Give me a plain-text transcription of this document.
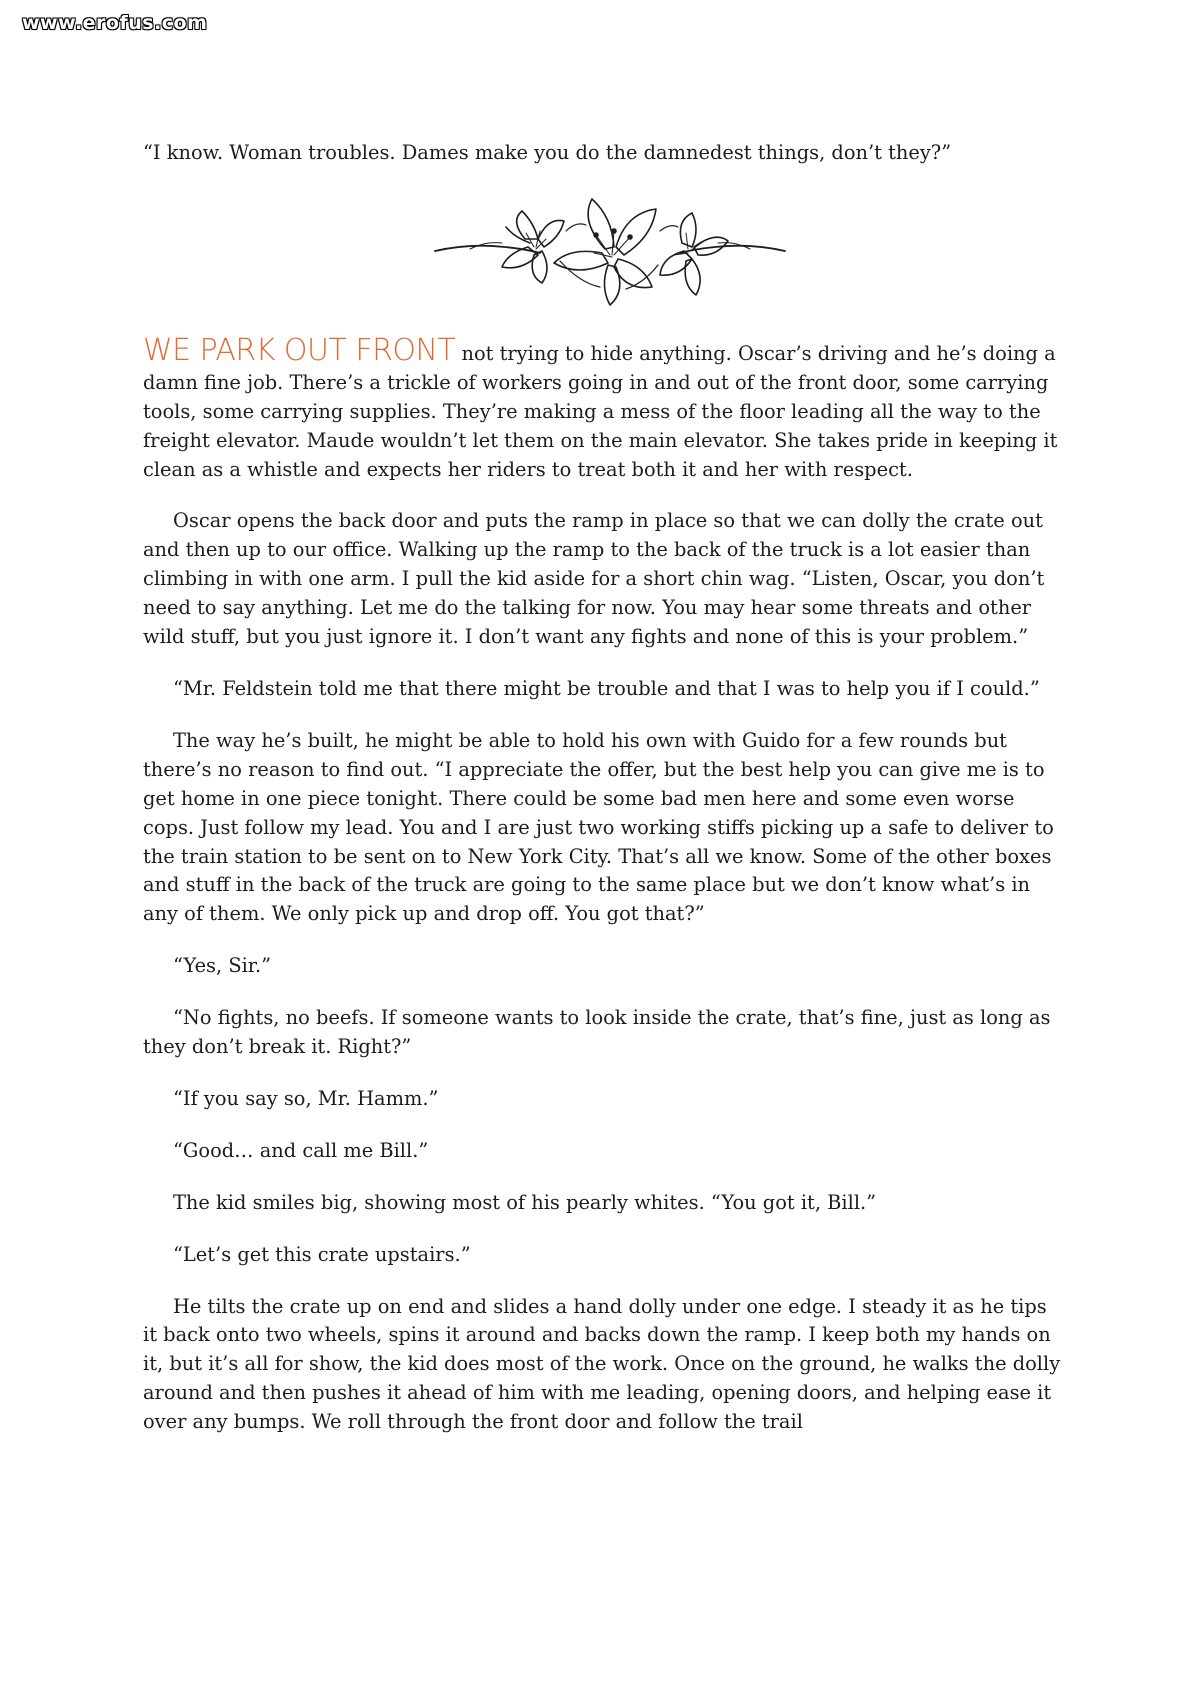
www.erofus.com

“I know. Woman troubles. Dames make you do the damnedest things, don’t they?”

WE PARK OUT FRONT not trying to hide anything. Oscar’s driving and he’s doing a damn fine job. There’s a trickle of workers going in and out of the front door, some carrying tools, some carrying supplies. They’re making a mess of the floor leading all the way to the freight elevator. Maude wouldn’t let them on the main elevator. She takes pride in keeping it clean as a whistle and expects her riders to treat both it and her with respect.

Oscar opens the back door and puts the ramp in place so that we can dolly the crate out and then up to our office. Walking up the ramp to the back of the truck is a lot easier than climbing in with one arm. I pull the kid aside for a short chin wag. “Listen, Oscar, you don’t need to say anything. Let me do the talking for now. You may hear some threats and other wild stuff, but you just ignore it. I don’t want any fights and none of this is your problem.”

“Mr. Feldstein told me that there might be trouble and that I was to help you if I could.”

The way he’s built, he might be able to hold his own with Guido for a few rounds but there’s no reason to find out. “I appreciate the offer, but the best help you can give me is to get home in one piece tonight. There could be some bad men here and some even worse cops. Just follow my lead. You and I are just two working stiffs picking up a safe to deliver to the train station to be sent on to New York City. That’s all we know. Some of the other boxes and stuff in the back of the truck are going to the same place but we don’t know what’s in any of them. We only pick up and drop off. You got that?”

“Yes, Sir.”

“No fights, no beefs. If someone wants to look inside the crate, that’s fine, just as long as they don’t break it. Right?”

“If you say so, Mr. Hamm.”

“Good… and call me Bill.”

The kid smiles big, showing most of his pearly whites. “You got it, Bill.”

“Let’s get this crate upstairs.”

He tilts the crate up on end and slides a hand dolly under one edge. I steady it as he tips it back onto two wheels, spins it around and backs down the ramp. I keep both my hands on it, but it’s all for show, the kid does most of the work. Once on the ground, he walks the dolly around and then pushes it ahead of him with me leading, opening doors, and helping ease it over any bumps. We roll through the front door and follow the trail
